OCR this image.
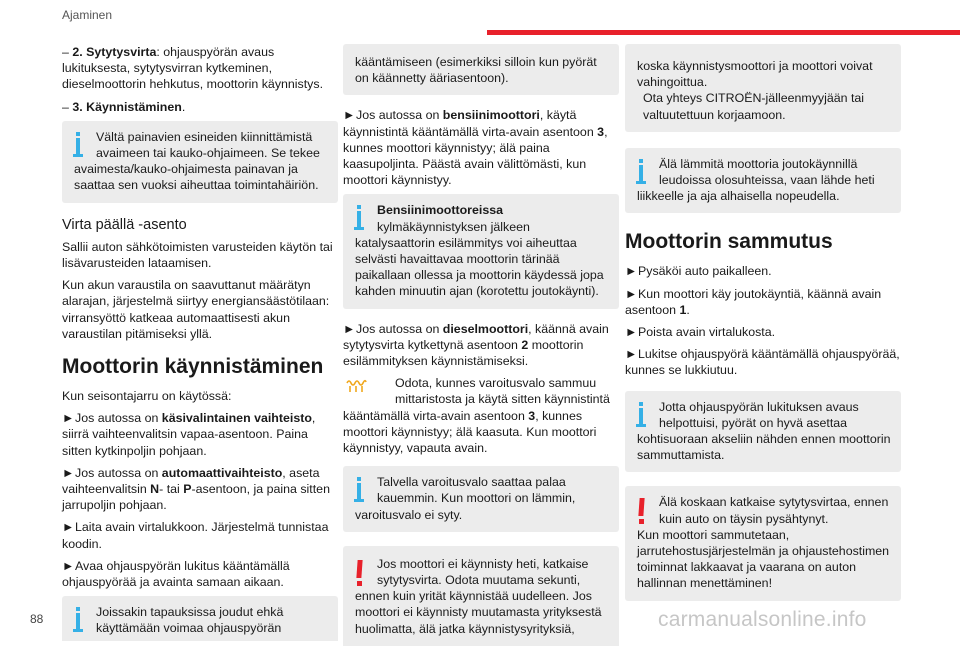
Ajaminen

– 2. Sytytysvirta: ohjauspyörän avaus lukituksesta, sytytysvirran kytkeminen, dieselmoottorin hehkutus, moottorin käynnistys.

– 3. Käynnistäminen.

Vältä painavien esineiden kiinnittämistä avaimeen tai kauko-ohjaimeen. Se tekee
avaimesta/kauko-ohjaimesta painavan ja saattaa sen vuoksi aiheuttaa toimintahäiriön.
Virta päällä -asento

Sallii auton sähkötoimisten varusteiden käytön tai lisävarusteiden lataamisen.

Kun akun varaustila on saavuttanut määrätyn alarajan, järjestelmä siirtyy energiansäästötilaan: virransyöttö katkeaa automaattisesti akun varaustilan pitämiseksi yllä.

Moottorin käynnistäminen

Kun seisontajarru on käytössä:

►Jos autossa on käsivalintainen vaihteisto, siirrä vaihteenvalitsin vapaa-asentoon. Paina sitten kytkinpoljin pohjaan.

►Jos autossa on automaattivaihteisto, aseta vaihteenvalitsin N- tai P-asentoon, ja paina sitten jarrupoljin pohjaan.

►Laita avain virtalukkoon. Järjestelmä tunnistaa koodin.

►Avaa ohjauspyörän lukitus kääntämällä ohjauspyörää ja avainta samaan aikaan.

Joissakin tapauksissa joudut ehkä käyttämään voimaa ohjauspyörän
kääntämiseen (esimerkiksi silloin kun pyörät on käännetty ääriasentoon).

►Jos autossa on bensiinimoottori, käytä käynnistintä kääntämällä virta-avain asentoon 3, kunnes moottori käynnistyy; älä paina kaasupoljinta. Päästä avain välittömästi, kun moottori käynnistyy.

Bensiinimoottoreissa
kylmäkäynnistyksen jälkeen
katalysaattorin esilämmitys voi aiheuttaa selvästi havaittavaa moottorin tärinää paikallaan ollessa ja moottorin käydessä jopa kahden minuutin ajan (korotettu joutokäynti).

►Jos autossa on dieselmoottori, käännä avain sytytysvirta kytkettynä asentoon 2 moottorin esilämmityksen käynnistämiseksi.

Odota, kunnes varoitusvalo sammuu mittaristosta ja käytä sitten käynnistintä
kääntämällä virta-avain asentoon 3, kunnes moottori käynnistyy; älä kaasuta. Kun moottori käynnistyy, vapauta avain.
Talvella varoitusvalo saattaa palaa kauemmin. Kun moottori on lämmin,
varoitusvalo ei syty.
Jos moottori ei käynnisty heti, katkaise sytytysvirta. Odota muutama sekunti,
ennen kuin yrität käynnistää uudelleen. Jos moottori ei käynnisty muutamasta yrityksestä huolimatta, älä jatka käynnistysyrityksiä,
koska käynnistysmoottori ja moottori voivat vahingoittua.
Ota yhteys CITROËN-jälleenmyyjään tai valtuutettuun korjaamoon.
Älä lämmitä moottoria joutokäynnillä leudoissa olosuhteissa, vaan lähde heti
liikkeelle ja aja alhaisella nopeudella.
Moottorin sammutus

►Pysäköi auto paikalleen.

►Kun moottori käy joutokäyntiä, käännä avain asentoon 1.

►Poista avain virtalukosta.

►Lukitse ohjauspyörä kääntämällä ohjauspyörää, kunnes se lukkiutuu.

Jotta ohjauspyörän lukituksen avaus helpottuisi, pyörät on hyvä asettaa
kohtisuoraan akseliin nähden ennen moottorin sammuttamista.
Älä koskaan katkaise sytytysvirtaa, ennen kuin auto on täysin pysähtynyt.
Kun moottori sammutetaan, jarrutehostusjärjestelmän ja ohjaustehostimen toiminnat lakkaavat ja vaarana on auton hallinnan menettäminen!
88	carmanualsonline.info
